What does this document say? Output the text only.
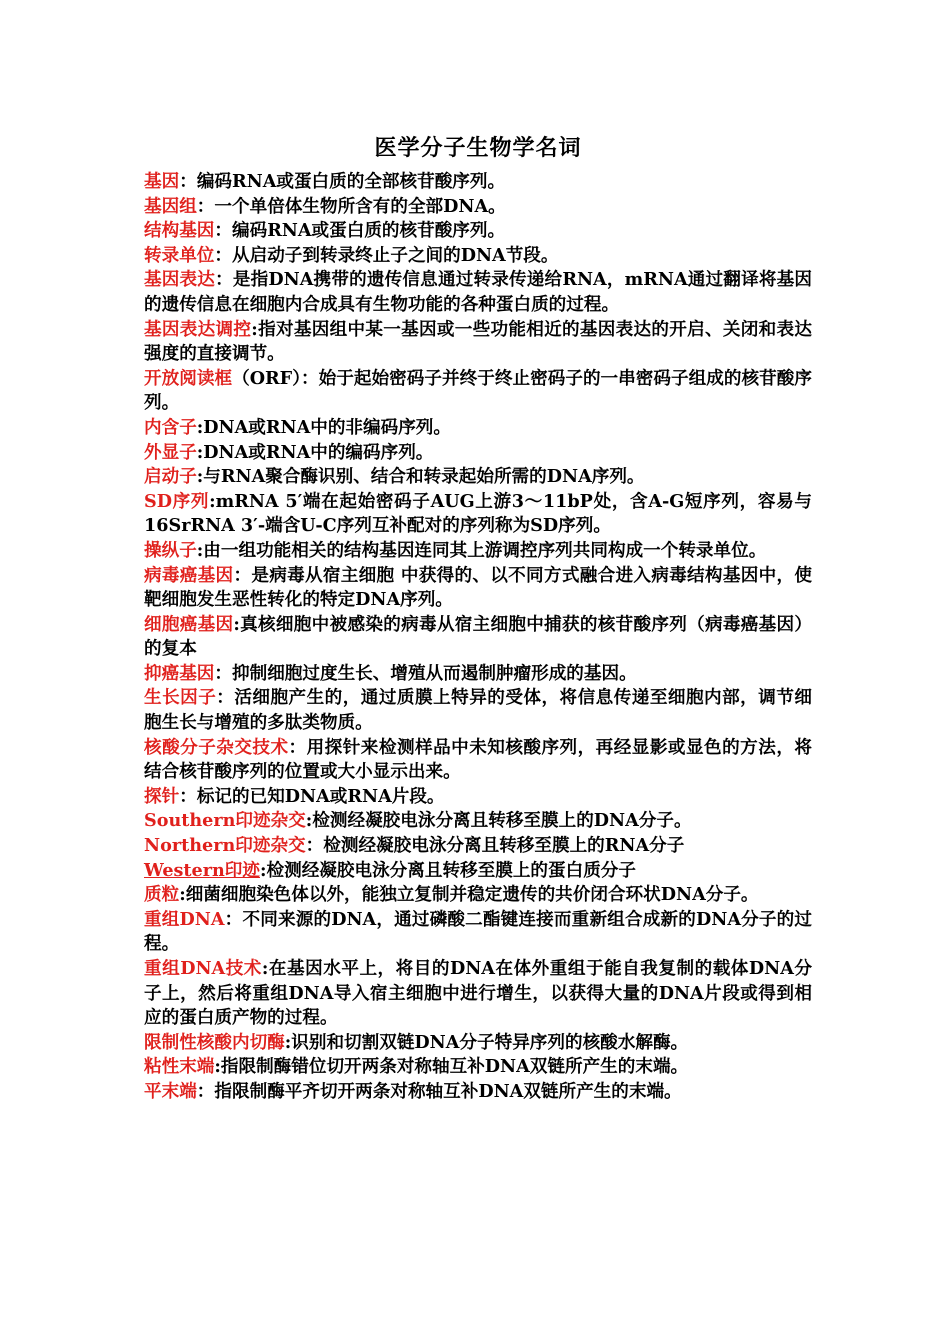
医学分子生物学名词
基因：编码RNA或蛋白质的全部核苷酸序列。
基因组：一个单倍体生物所含有的全部DNA。
结构基因：编码RNA或蛋白质的核苷酸序列。
转录单位：从启动子到转录终止子之间的DNA节段。
基因表达：是指DNA携带的遗传信息通过转录传递给RNA，mRNA通过翻译将基因的遗传信息在细胞内合成具有生物功能的各种蛋白质的过程。
基因表达调控:指对基因组中某一基因或一些功能相近的基因表达的开启、关闭和表达强度的直接调节。
开放阅读框（ORF）：始于起始密码子并终于终止密码子的一串密码子组成的核苷酸序列。
内含子:DNA或RNA中的非编码序列。
外显子:DNA或RNA中的编码序列。
启动子:与RNA聚合酶识别、结合和转录起始所需的DNA序列。
SD序列:mRNA 5′端在起始密码子AUG上游3～11bP处，含A-G短序列，容易与16SrRNA 3′-端含U-C序列互补配对的序列称为SD序列。
操纵子:由一组功能相关的结构基因连同其上游调控序列共同构成一个转录单位。
病毒癌基因：是病毒从宿主细胞 中获得的、以不同方式融合进入病毒结构基因中，使靶细胞发生恶性转化的特定DNA序列。
细胞癌基因:真核细胞中被感染的病毒从宿主细胞中捕获的核苷酸序列（病毒癌基因）的复本
抑癌基因：抑制细胞过度生长、增殖从而遏制肿瘤形成的基因。
生长因子：活细胞产生的，通过质膜上特异的受体，将信息传递至细胞内部，调节细胞生长与增殖的多肽类物质。
核酸分子杂交技术：用探针来检测样品中未知核酸序列，再经显影或显色的方法，将结合核苷酸序列的位置或大小显示出来。
探针：标记的已知DNA或RNA片段。
Southern印迹杂交:检测经凝胶电泳分离且转移至膜上的DNA分子。
Northern印迹杂交：检测经凝胶电泳分离且转移至膜上的RNA分子
Western印迹:检测经凝胶电泳分离且转移至膜上的蛋白质分子
质粒:细菌细胞染色体以外，能独立复制并稳定遗传的共价闭合环状DNA分子。
重组DNA：不同来源的DNA，通过磷酸二酯键连接而重新组合成新的DNA分子的过程。
重组DNA技术:在基因水平上，将目的DNA在体外重组于能自我复制的载体DNA分子上，然后将重组DNA导入宿主细胞中进行增生，以获得大量的DNA片段或得到相应的蛋白质产物的过程。
限制性核酸内切酶:识别和切割双链DNA分子特异序列的核酸水解酶。
粘性末端:指限制酶错位切开两条对称轴互补DNA双链所产生的末端。
平末端：指限制酶平齐切开两条对称轴互补DNA双链所产生的末端。
